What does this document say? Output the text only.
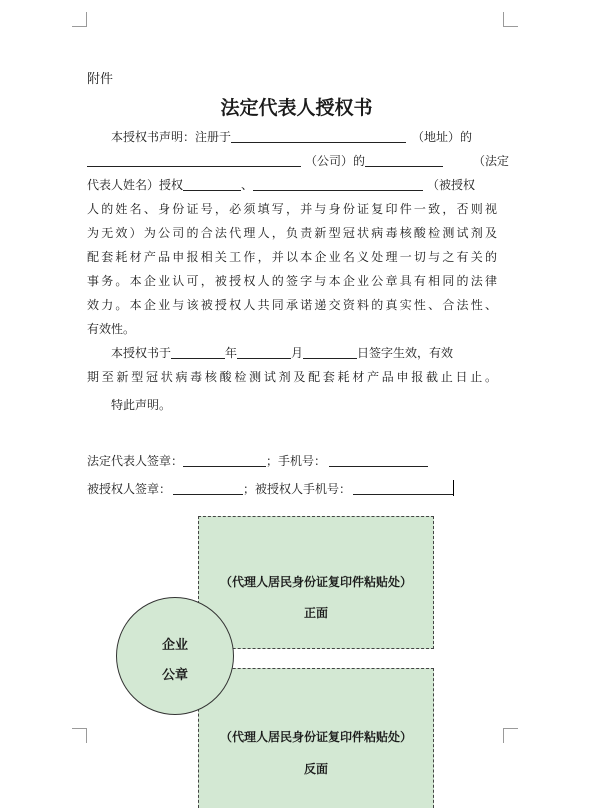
附件
法定代表人授权书
本授权书声明：注册于	（地址）的
（公司）的	（法定
代表人姓名）授权	、	（被授权
人的姓名、身份证号，必须填写，并与身份证复印件一致，否则视
为无效）为公司的合法代理人，负责新型冠状病毒核酸检测试剂及
配套耗材产品申报相关工作，并以本企业名义处理一切与之有关的
事务。本企业认可，被授权人的签字与本企业公章具有相同的法律
效力。本企业与该被授权人共同承诺递交资料的真实性、合法性、
有效性。
本授权书于	年	月	日签字生效，有效
期至新型冠状病毒核酸检测试剂及配套耗材产品申报截止日止。
特此声明。
法定代表人签章：	；手机号：
被授权人签章：	；被授权人手机号：
（代理人居民身份证复印件粘贴处）
正面
（代理人居民身份证复印件粘贴处）
反面
企业
公章
